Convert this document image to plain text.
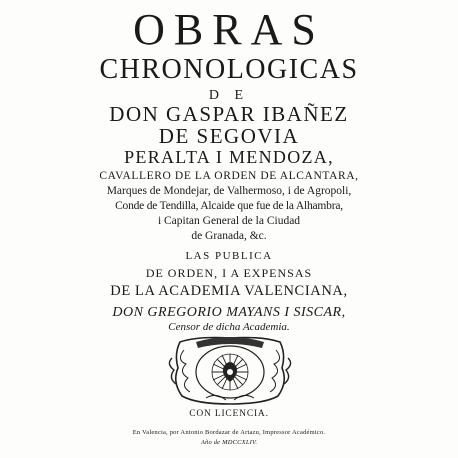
OBRAS
CHRONOLOGICAS
D E
DON GASPAR IBAÑEZ
DE SEGOVIA
PERALTA I MENDOZA,
CAVALLERO DE LA ORDEN DE ALCANTARA,
Marques de Mondejar, de Valhermoso, i de Agropoli,
Conde de Tendilla, Alcaide que fue de la Alhambra,
i Capitan General de la Ciudad
de Granada, &c.
LAS PUBLICA
DE ORDEN, I A EXPENSAS
DE LA ACADEMIA VALENCIANA,
DON GREGORIO MAYANS I SISCAR,
Censor de dicha Academia.
CON LICENCIA.
En Valencia, por Antonio Bordazar de Artazu, Impressor Académico.
Año de MDCCXLIV.
